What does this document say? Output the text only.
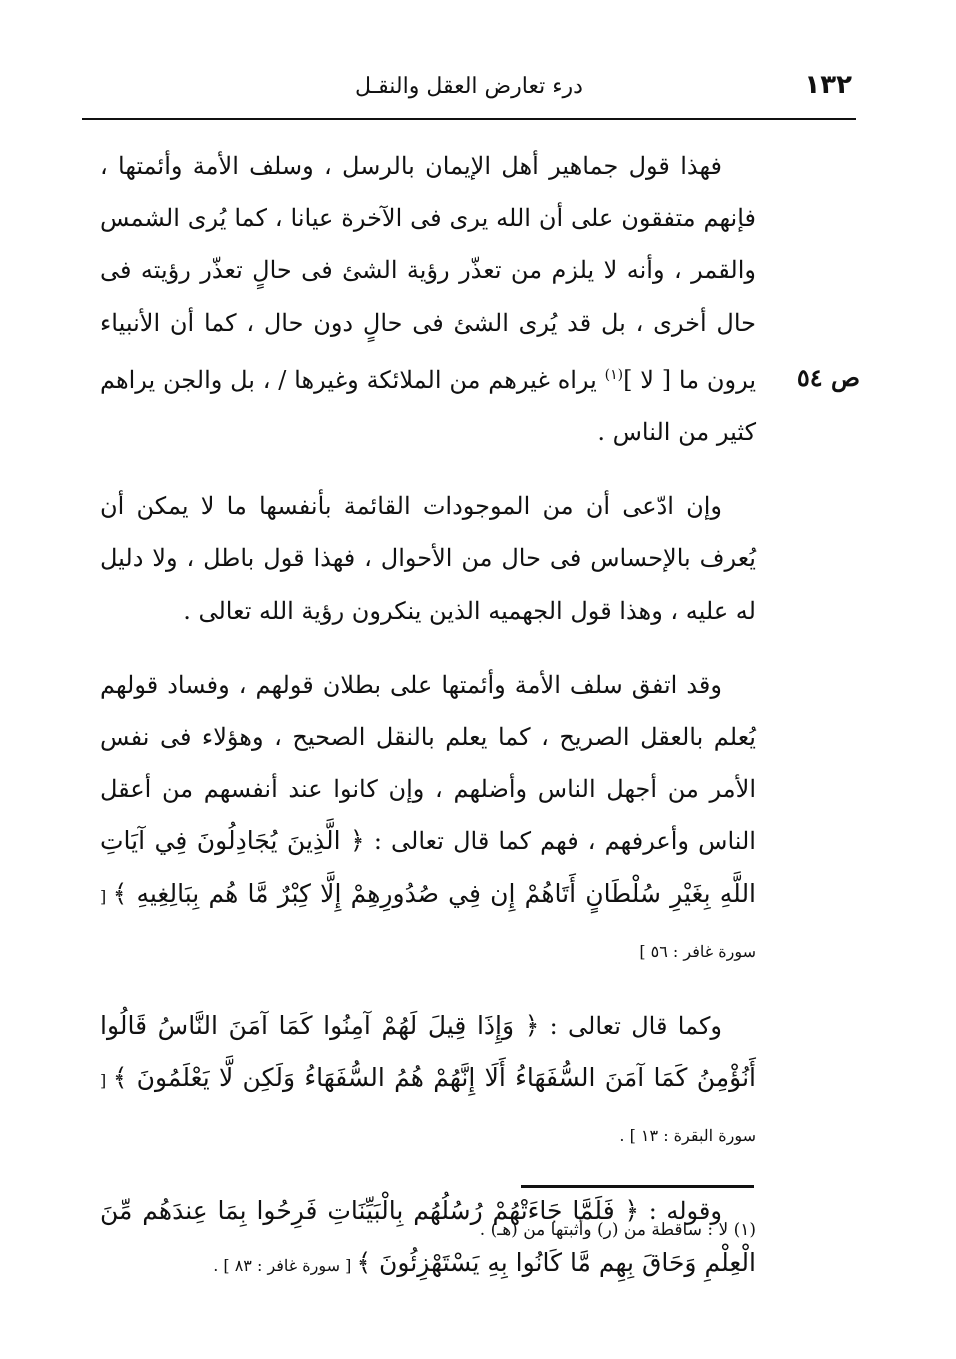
١٣٢
درء تعارض العقل والنقـل
ص ٥٤

فهذا قول جماهير أهل الإيمان بالرسل ، وسلف الأمة وأئمتها ، فإنهم متفقون على أن الله يرى فى الآخرة عيانا ، كما يُرى الشمس والقمر ، وأنه لا يلزم من تعذّر رؤية الشئ فى حالٍ تعذّر رؤيته فى حال أخرى ، بل قد يُرى الشئ فى حالٍ دون حال ، كما أن الأنبياء يرون ما [ لا ]$^{(١)}$ يراه غيرهم من الملائكة وغيرها / ، بل والجن يراهم كثير من الناس .

وإن ادّعى أن من الموجودات القائمة بأنفسها ما لا يمكن أن يُعرف بالإحساس فى حال من الأحوال ، فهذا قول باطل ، ولا دليل له عليه ، وهذا قول الجهميه الذين ينكرون رؤية الله تعالى .

وقد اتفق سلف الأمة وأئمتها على بطلان قولهم ، وفساد قولهم يُعلم بالعقل الصريح ، كما يعلم بالنقل الصحيح ، وهؤلاء فى نفس الأمر من أجهل الناس وأضلهم ، وإن كانوا عند أنفسهم من أعقل الناس وأعرفهم ، فهم كما قال تعالى : ﴿ الَّذِينَ يُجَادِلُونَ فِي آيَاتِ اللَّهِ بِغَيْرِ سُلْطَانٍ أَتَاهُمْ إِن فِي صُدُورِهِمْ إِلَّا كِبْرٌ مَّا هُم بِبَالِغِيهِ ﴾ [ سورة غافر : ٥٦ ]

وكما قال تعالى : ﴿ وَإِذَا قِيلَ لَهُمْ آمِنُوا كَمَا آمَنَ النَّاسُ قَالُوا أَنُؤْمِنُ كَمَا آمَنَ السُّفَهَاءُ أَلَا إِنَّهُمْ هُمُ السُّفَهَاءُ وَلَكِن لَّا يَعْلَمُونَ ﴾ [ سورة البقرة : ١٣ ] .

وقوله : ﴿ فَلَمَّا جَاءَتْهُمْ رُسُلُهُم بِالْبَيِّنَاتِ فَرِحُوا بِمَا عِندَهُم مِّنَ الْعِلْمِ وَحَاقَ بِهِم مَّا كَانُوا بِهِ يَسْتَهْزِئُونَ ﴾ [ سورة غافر : ٨٣ ] .

(١) لا : ساقطة من (ر) وأثبتها من (هـ) .
